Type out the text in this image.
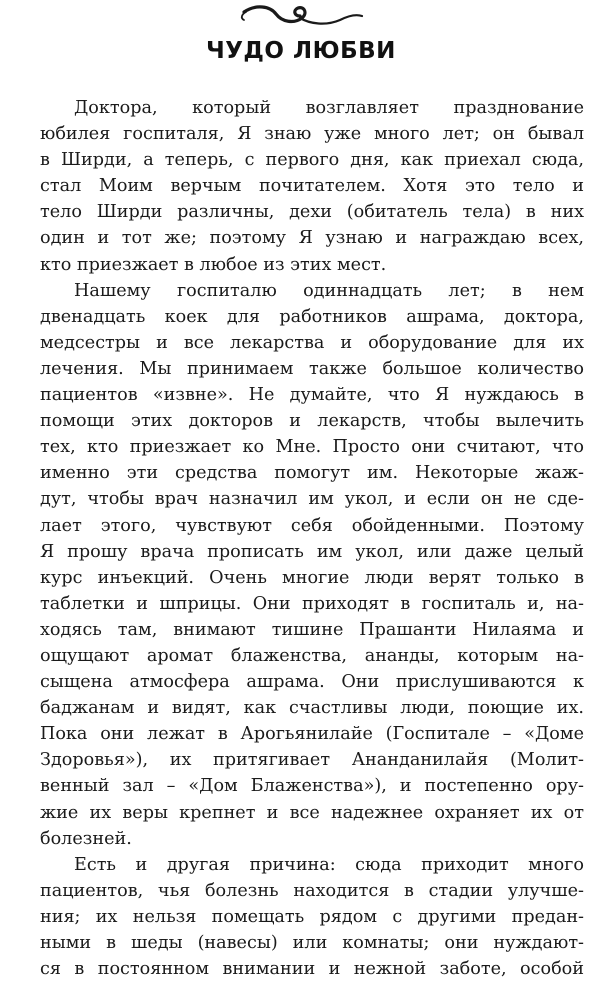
ЧУДО ЛЮБВИ
Доктора, который возглавляет празднование
юбилея госпиталя, Я знаю уже много лет; он бывал
в Ширди, а теперь, с первого дня, как приехал сюда,
стал Моим верчым почитателем. Хотя это тело и
тело Ширди различны, дехи (обитатель тела) в них
один и тот же; поэтому Я узнаю и награждаю всех,
кто приезжает в любое из этих мест.
Нашему госпиталю одиннадцать лет; в нем
двенадцать коек для работников ашрама, доктора,
медсестры и все лекарства и оборудование для их
лечения. Мы принимаем также большое количество
пациентов «извне». Не думайте, что Я нуждаюсь в
помощи этих докторов и лекарств, чтобы вылечить
тех, кто приезжает ко Мне. Просто они считают, что
именно эти средства помогут им. Некоторые жаж-
дут, чтобы врач назначил им укол, и если он не сде-
лает этого, чувствуют себя обойденными. Поэтому
Я прошу врача прописать им укол, или даже целый
курс инъекций. Очень многие люди верят только в
таблетки и шприцы. Они приходят в госпиталь и, на-
ходясь там, внимают тишине Прашанти Нилаяма и
ощущают аромат блаженства, ананды, которым на-
сыщена атмосфера ашрама. Они прислушиваются к
баджанам и видят, как счастливы люди, поющие их.
Пока они лежат в Арогьянилайе (Госпитале – «Доме
Здоровья»), их притягивает Ананданилайя (Молит-
венный зал – «Дом Блаженства»), и постепенно ору-
жие их веры крепнет и все надежнее охраняет их от
болезней.
Есть и другая причина: сюда приходит много
пациентов, чья болезнь находится в стадии улучше-
ния; их нельзя помещать рядом с другими предан-
ными в шеды (навесы) или комнаты; они нуждают-
ся в постоянном внимании и нежной заботе, особой
